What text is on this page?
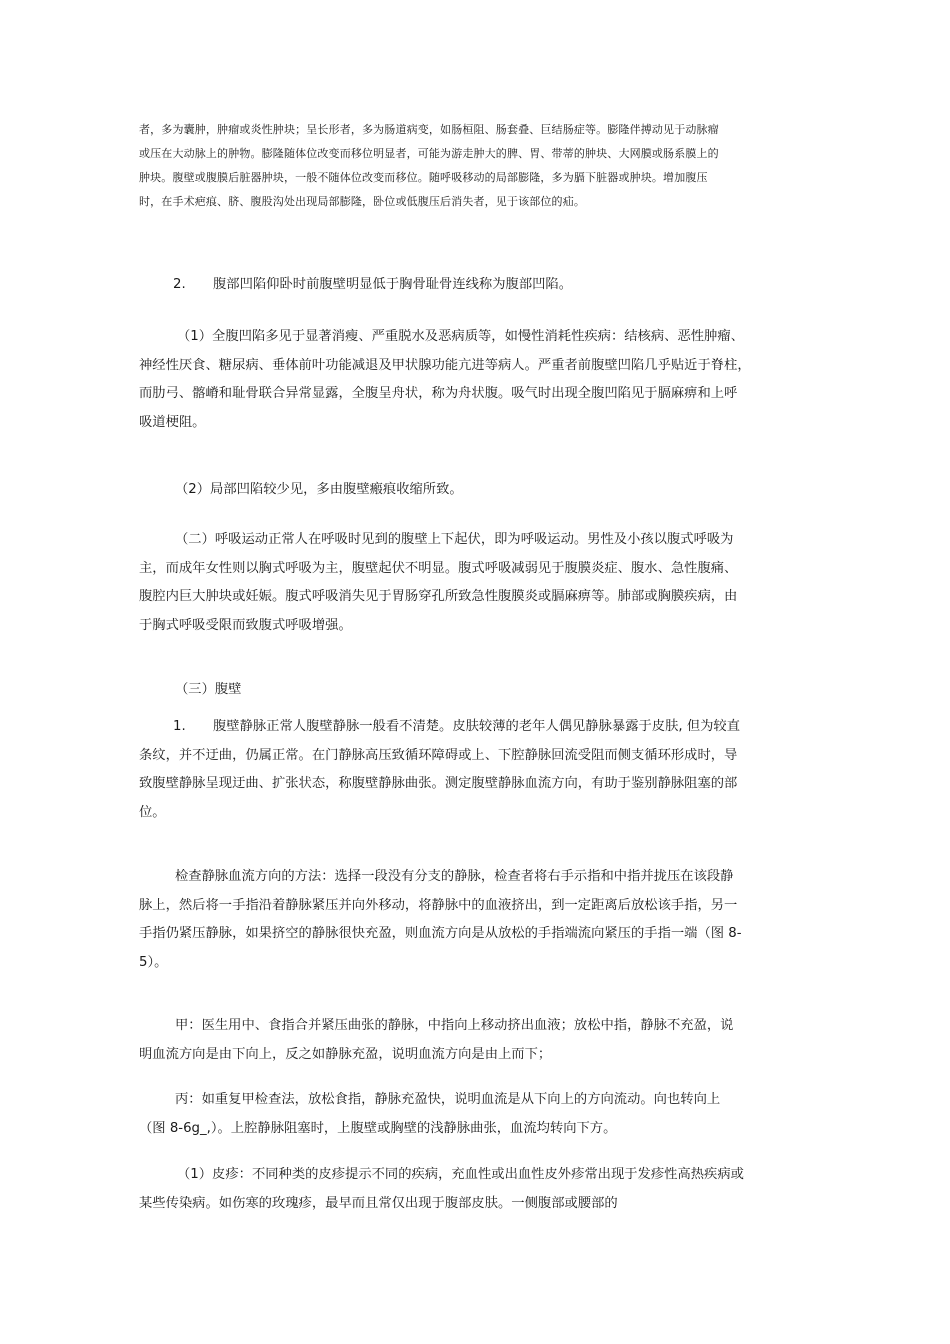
者，多为囊肿，肿瘤或炎性肿块；呈长形者，多为肠道病变，如肠桓阻、肠套叠、巨结肠症等。膨隆伴搏动见于动脉瘤
或压在大动脉上的肿物。膨隆随体位改变而移位明显者，可能为游走肿大的脾、胃、带蒂的肿块、大网膜或肠系膜上的
肿块。腹壁或腹膜后脏器肿块，一般不随体位改变而移位。随呼吸移动的局部膨隆，多为膈下脏器或肿块。增加腹压
时，在手术疤痕、脐、腹股沟处出现局部膨隆，卧位或低腹压后消失者，见于该部位的疝。
2. 腹部凹陷仰卧时前腹壁明显低于胸骨耻骨连线称为腹部凹陷。
（1）全腹凹陷多见于显著消瘦、严重脱水及恶病质等，如慢性消耗性疾病：结核病、恶性肿瘤、
神经性厌食、糖尿病、垂体前叶功能减退及甲状腺功能亢进等病人。严重者前腹壁凹陷几乎贴近于脊柱，
而肋弓、髂嵴和耻骨联合异常显露，全腹呈舟状，称为舟状腹。吸气时出现全腹凹陷见于膈麻痹和上呼
吸道梗阻。
（2）局部凹陷较少见，多由腹壁瘢痕收缩所致。
（二）呼吸运动正常人在呼吸时见到的腹壁上下起伏，即为呼吸运动。男性及小孩以腹式呼吸为
主，而成年女性则以胸式呼吸为主，腹壁起伏不明显。腹式呼吸减弱见于腹膜炎症、腹水、急性腹痛、
腹腔内巨大肿块或妊娠。腹式呼吸消失见于胃肠穿孔所致急性腹膜炎或膈麻痹等。肺部或胸膜疾病，由
于胸式呼吸受限而致腹式呼吸增强。
（三）腹壁
1. 腹壁静脉正常人腹壁静脉一般看不清楚。皮肤较薄的老年人偶见静脉暴露于皮肤, 但为较直
条纹，并不迂曲，仍属正常。在门静脉高压致循环障碍或上、下腔静脉回流受阻而侧支循环形成时，导
致腹壁静脉呈现迂曲、扩张状态，称腹壁静脉曲张。测定腹壁静脉血流方向，有助于鉴别静脉阻塞的部
位。
检查静脉血流方向的方法：选择一段没有分支的静脉，检查者将右手示指和中指并拢压在该段静
脉上，然后将一手指沿着静脉紧压并向外移动，将静脉中的血液挤出，到一定距离后放松该手指，另一
手指仍紧压静脉，如果挤空的静脉很快充盈，则血流方向是从放松的手指端流向紧压的手指一端（图 8-
5）。
甲：医生用中、食指合并紧压曲张的静脉，中指向上移动挤出血液；放松中指，静脉不充盈，说
明血流方向是由下向上，反之如静脉充盈，说明血流方向是由上而下；
丙：如重复甲检查法，放松食指，静脉充盈快，说明血流是从下向上的方向流动。向也转向上
（图 8-6g_,）。上腔静脉阻塞时，上腹壁或胸壁的浅静脉曲张，血流均转向下方。
（1）皮疹：不同种类的皮疹提示不同的疾病，充血性或出血性皮外疹常出现于发疹性高热疾病或
某些传染病。如伤寒的玫瑰疹，最早而且常仅出现于腹部皮肤。一侧腹部或腰部的
